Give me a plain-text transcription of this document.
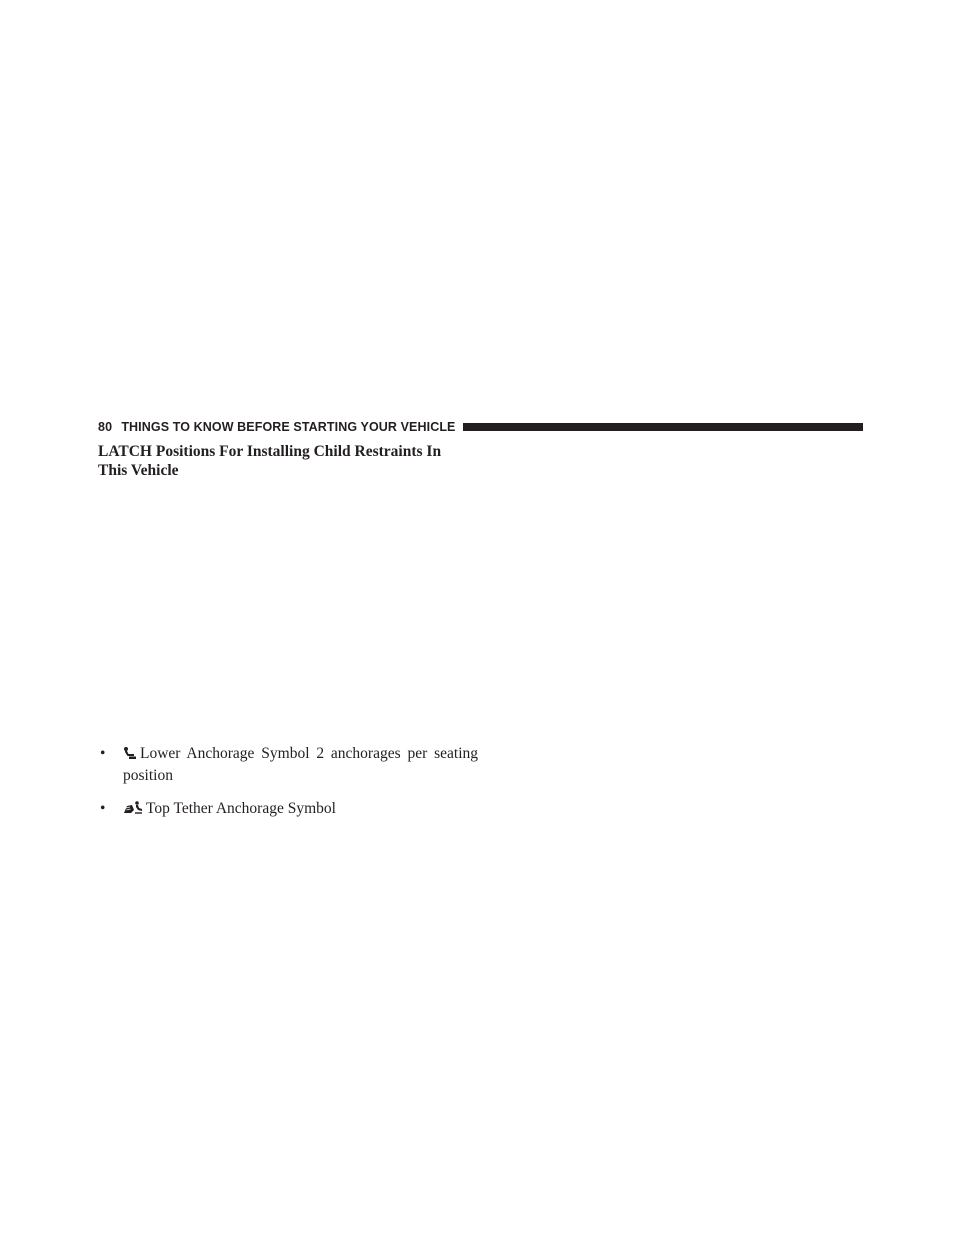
80 THINGS TO KNOW BEFORE STARTING YOUR VEHICLE
LATCH Positions For Installing Child Restraints In
This Vehicle
• Lower Anchorage Symbol 2 anchorages per seating position
•	Top Tether Anchorage Symbol
